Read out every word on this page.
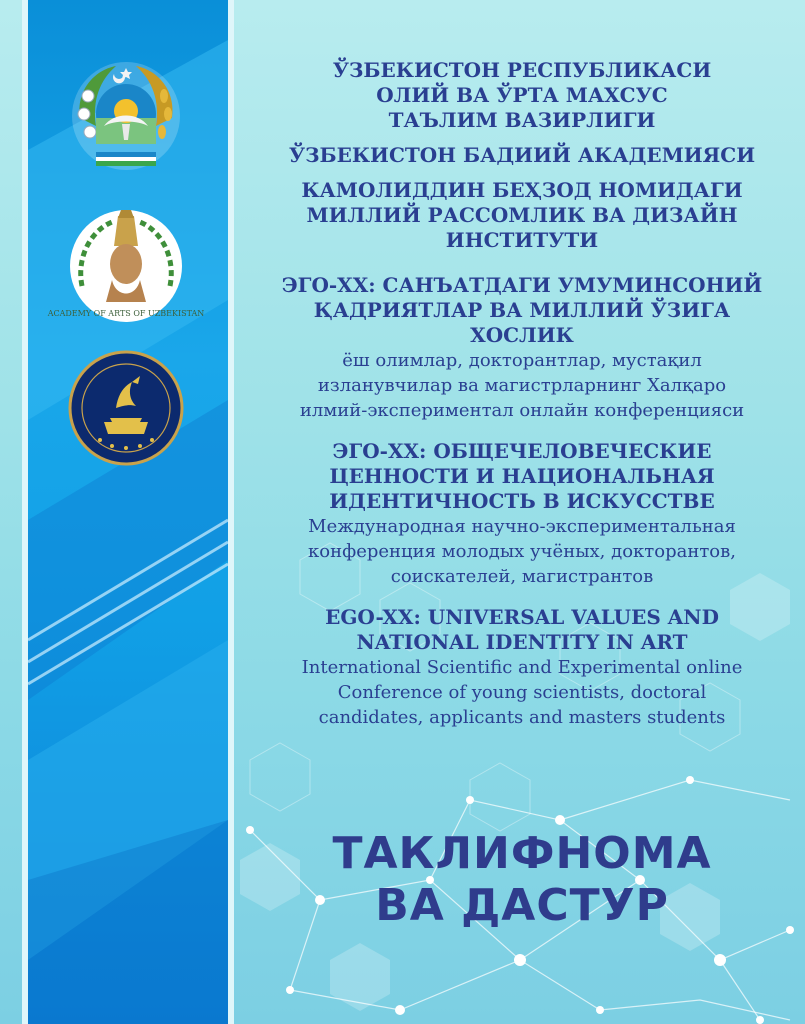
ACADEMY OF ARTS OF UZBEKISTAN

ЎЗБЕКИСТОН РЕСПУБЛИКАСИ

ОЛИЙ ВА ЎРТА МАХСУС

ТАЪЛИМ ВАЗИРЛИГИ

ЎЗБЕКИСТОН БАДИИЙ АКАДЕМИЯСИ

КАМОЛИДДИН БЕҲЗОД НОМИДАГИ

МИЛЛИЙ РАССОМЛИК ВА ДИЗАЙН

ИНСТИТУТИ

ЭГО-XX: САНЪАТДАГИ УМУМИНСОНИЙ

ҚАДРИЯТЛАР ВА МИЛЛИЙ ЎЗИГА

ХОСЛИК

ёш олимлар, докторантлар, мустақил

изланувчилар ва магистрларнинг Халқаро

илмий-экспериментал онлайн конференцияси

ЭГО-XX: ОБЩЕЧЕЛОВЕЧЕСКИЕ

ЦЕННОСТИ И НАЦИОНАЛЬНАЯ

ИДЕНТИЧНОСТЬ В ИСКУССТВЕ

Международная научно-экспериментальная

конференция молодых учёных, докторантов,

соискателей, магистрантов

EGO-XX: UNIVERSAL VALUES AND

NATIONAL IDENTITY IN ART

International Scientific and Experimental online

Conference of young scientists, doctoral

candidates, applicants and masters students

ТАКЛИФНОМА
ВА ДАСТУР
